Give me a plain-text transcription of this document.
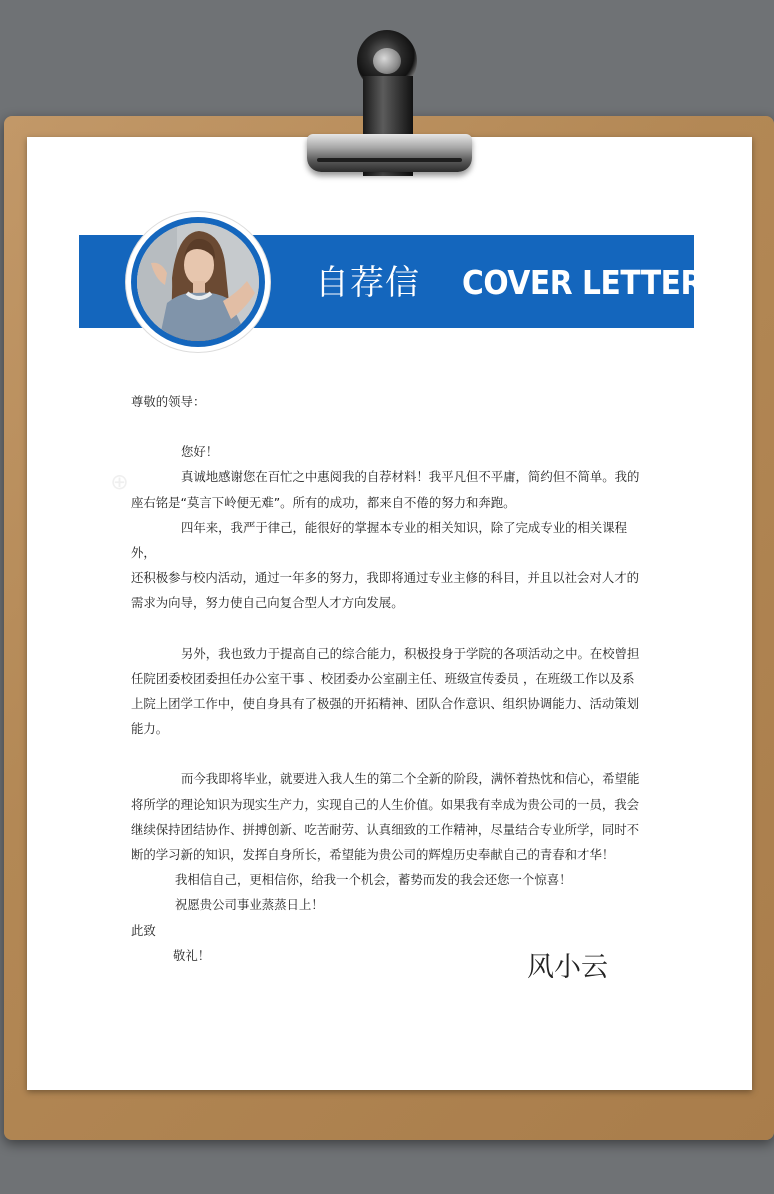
自荐信 COVER LETTER

尊敬的领导：

您好！

真诚地感谢您在百忙之中惠阅我的自荐材料！我平凡但不平庸，简约但不简单。我的

座右铭是“莫言下岭便无难”。所有的成功，都来自不倦的努力和奔跑。

四年来，我严于律己，能很好的掌握本专业的相关知识，除了完成专业的相关课程外，

还积极参与校内活动，通过一年多的努力，我即将通过专业主修的科目，并且以社会对人才的

需求为向导，努力使自己向复合型人才方向发展。

另外，我也致力于提高自己的综合能力，积极投身于学院的各项活动之中。在校曾担

任院团委校团委担任办公室干事 、校团委办公室副主任、班级宣传委员 ，在班级工作以及系

上院上团学工作中，使自身具有了极强的开拓精神、团队合作意识、组织协调能力、活动策划

能力。

而今我即将毕业，就要进入我人生的第二个全新的阶段，满怀着热忱和信心，希望能

将所学的理论知识为现实生产力，实现自己的人生价值。如果我有幸成为贵公司的一员，我会

继续保持团结协作、拼搏创新、吃苦耐劳、认真细致的工作精神，尽量结合专业所学，同时不

断的学习新的知识，发挥自身所长，希望能为贵公司的辉煌历史奉献自己的青春和才华！

我相信自己，更相信你，给我一个机会，蓄势而发的我会还您一个惊喜！

祝愿贵公司事业蒸蒸日上！

此致

敬礼！	风小云
